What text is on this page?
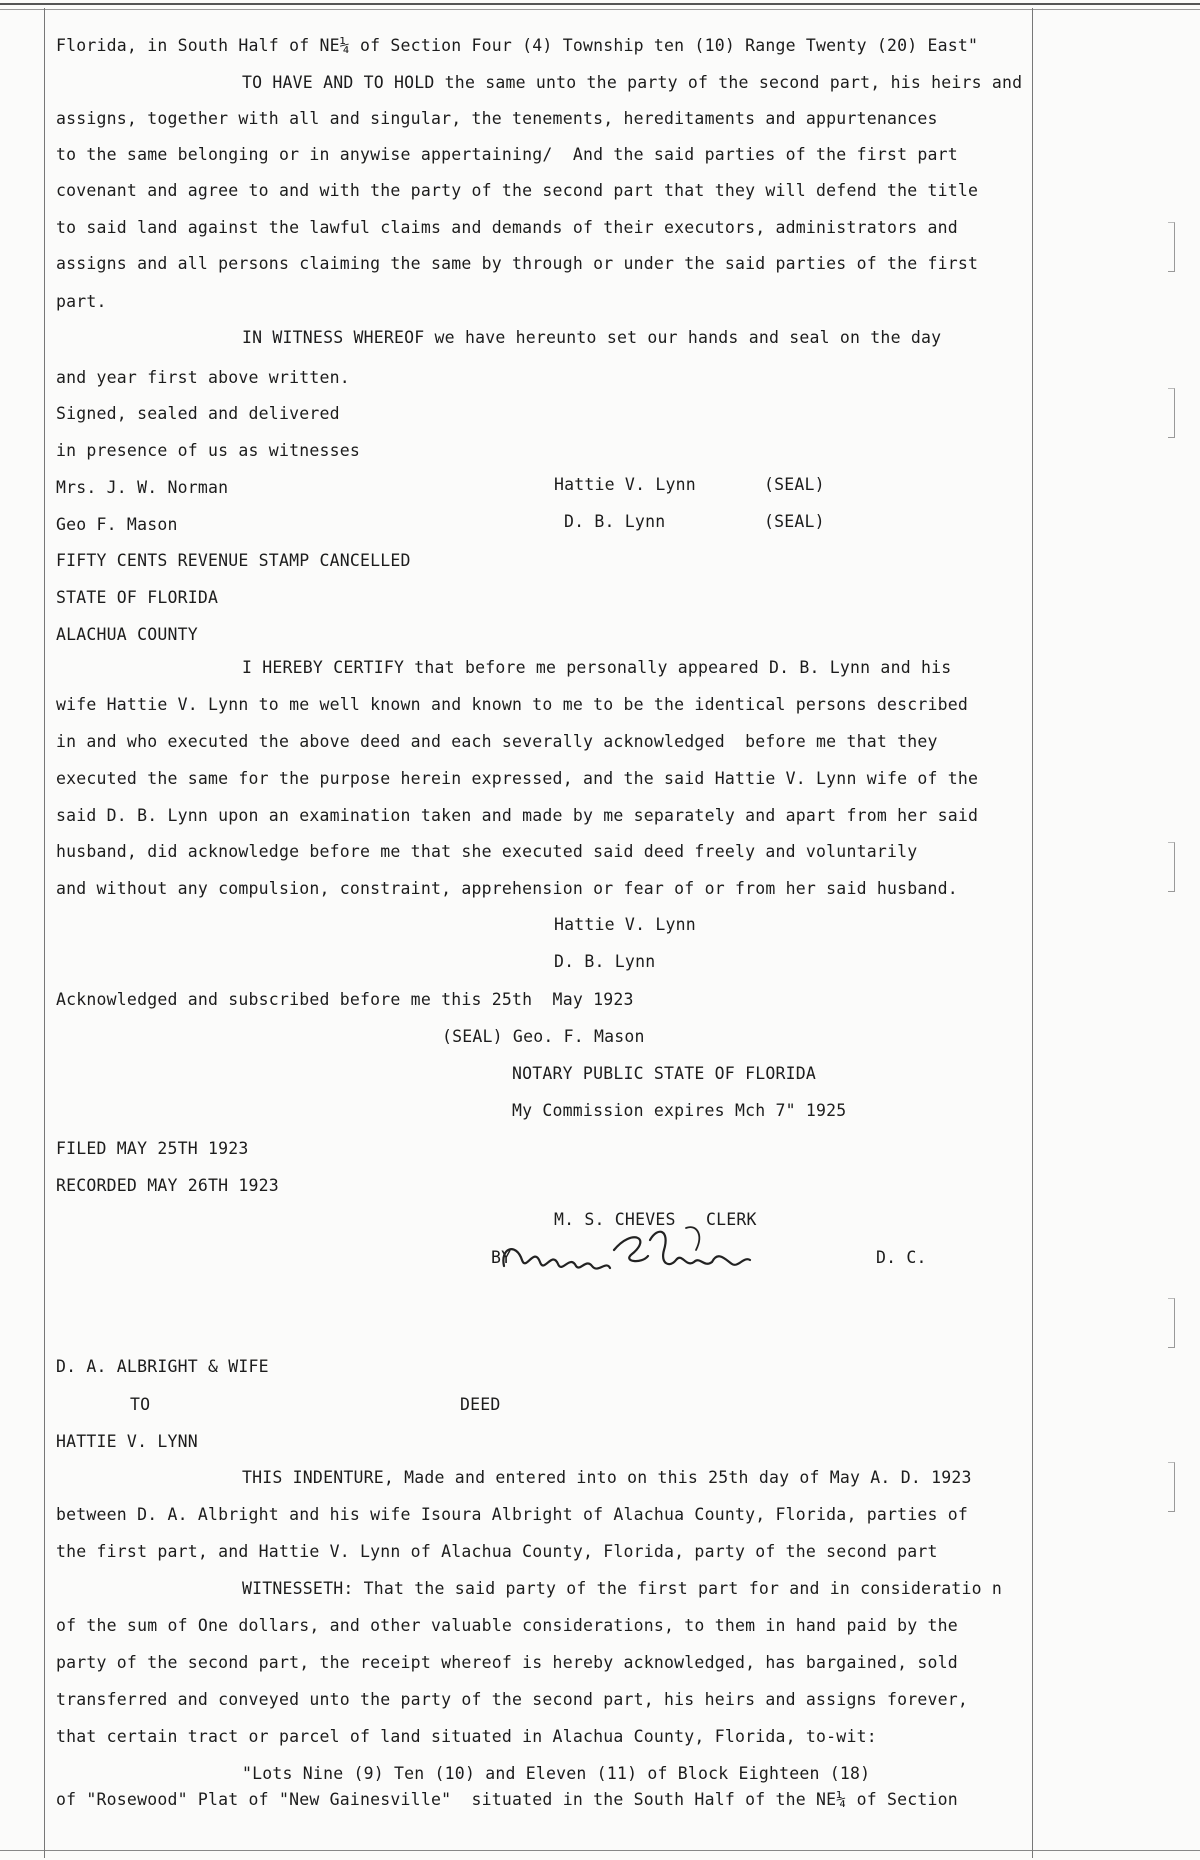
Florida, in South Half of NE¼ of Section Four (4) Township ten (10) Range Twenty (20) East"
TO HAVE AND TO HOLD the same unto the party of the second part, his heirs and
assigns, together with all and singular, the tenements, hereditaments and appurtenances
to the same belonging or in anywise appertaining/  And the said parties of the first part
covenant and agree to and with the party of the second part that they will defend the title
to said land against the lawful claims and demands of their executors, administrators and
assigns and all persons claiming the same by through or under the said parties of the first
part.
IN WITNESS WHEREOF we have hereunto set our hands and seal on the day
and year first above written.
Signed, sealed and delivered
in presence of us as witnesses
Mrs. J. W. Norman	Hattie V. Lynn	(SEAL)
Geo F. Mason	D. B. Lynn	(SEAL)
FIFTY CENTS REVENUE STAMP CANCELLED
STATE OF FLORIDA
ALACHUA COUNTY
I HEREBY CERTIFY that before me personally appeared D. B. Lynn and his
wife Hattie V. Lynn to me well known and known to me to be the identical persons described
in and who executed the above deed and each severally acknowledged  before me that they
executed the same for the purpose herein expressed, and the said Hattie V. Lynn wife of the
said D. B. Lynn upon an examination taken and made by me separately and apart from her said
husband, did acknowledge before me that she executed said deed freely and voluntarily
and without any compulsion, constraint, apprehension or fear of or from her said husband.
Hattie V. Lynn
D. B. Lynn
Acknowledged and subscribed before me this 25th  May 1923
(SEAL) Geo. F. Mason
NOTARY PUBLIC STATE OF FLORIDA
My Commission expires Mch 7" 1925
FILED MAY 25TH 1923
RECORDED MAY 26TH 1923
M. S. CHEVES   CLERK
BY	D. C.
D. A. ALBRIGHT & WIFE
TO	DEED
HATTIE V. LYNN
THIS INDENTURE, Made and entered into on this 25th day of May A. D. 1923
between D. A. Albright and his wife Isoura Albright of Alachua County, Florida, parties of
the first part, and Hattie V. Lynn of Alachua County, Florida, party of the second part
WITNESSETH: That the said party of the first part for and in consideratio n
of the sum of One dollars, and other valuable considerations, to them in hand paid by the
party of the second part, the receipt whereof is hereby acknowledged, has bargained, sold
transferred and conveyed unto the party of the second part, his heirs and assigns forever,
that certain tract or parcel of land situated in Alachua County, Florida, to-wit:
"Lots Nine (9) Ten (10) and Eleven (11) of Block Eighteen (18)
of "Rosewood" Plat of "New Gainesville"  situated in the South Half of the NE¼ of Section
